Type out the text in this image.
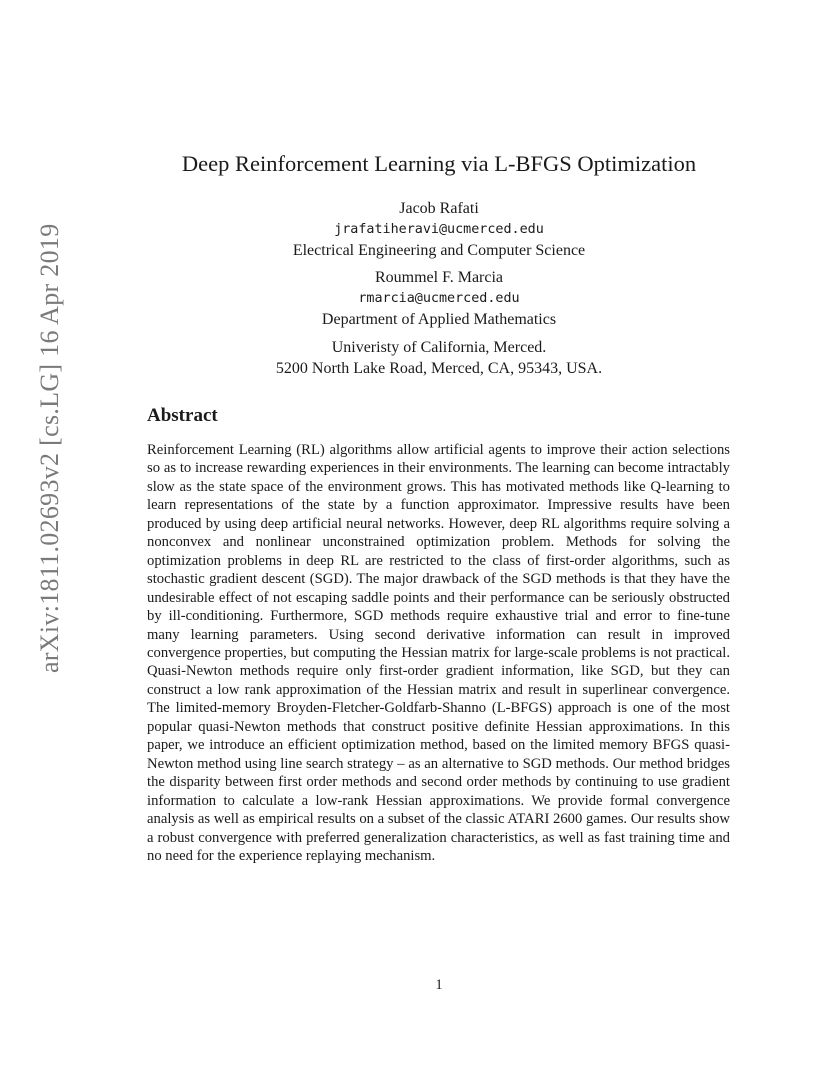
arXiv:1811.02693v2 [cs.LG] 16 Apr 2019
Deep Reinforcement Learning via L-BFGS Optimization
Jacob Rafati
jrafatiheravi@ucmerced.edu
Electrical Engineering and Computer Science
Roummel F. Marcia
rmarcia@ucmerced.edu
Department of Applied Mathematics
Univeristy of California, Merced.
5200 North Lake Road, Merced, CA, 95343, USA.
Abstract

Reinforcement Learning (RL) algorithms allow artificial agents to improve their action selections so as to increase rewarding experiences in their environments. The learning can become intractably slow as the state space of the environment grows. This has motivated methods like Q-learning to learn representations of the state by a function approximator. Impressive results have been produced by using deep artificial neural networks. However, deep RL algorithms require solving a nonconvex and nonlinear unconstrained optimization problem. Methods for solving the optimization problems in deep RL are restricted to the class of first-order algorithms, such as stochastic gradient descent (SGD). The major drawback of the SGD methods is that they have the undesirable effect of not escaping saddle points and their performance can be seriously obstructed by ill-conditioning. Furthermore, SGD methods require exhaustive trial and error to fine-tune many learning parameters. Using second derivative information can result in improved convergence properties, but computing the Hessian matrix for large-scale problems is not practical. Quasi-Newton methods require only first-order gradient information, like SGD, but they can construct a low rank approximation of the Hessian matrix and result in superlinear convergence. The limited-memory Broyden-Fletcher-Goldfarb-Shanno (L-BFGS) approach is one of the most popular quasi-Newton methods that construct positive definite Hessian approximations. In this paper, we introduce an efficient optimization method, based on the limited memory BFGS quasi-Newton method using line search strategy – as an alternative to SGD methods. Our method bridges the disparity between first order methods and second order methods by continuing to use gradient information to calculate a low-rank Hessian approximations. We provide formal convergence analysis as well as empirical results on a subset of the classic ATARI 2600 games. Our results show a robust convergence with preferred generalization characteristics, as well as fast training time and no need for the experience replaying mechanism.

1
